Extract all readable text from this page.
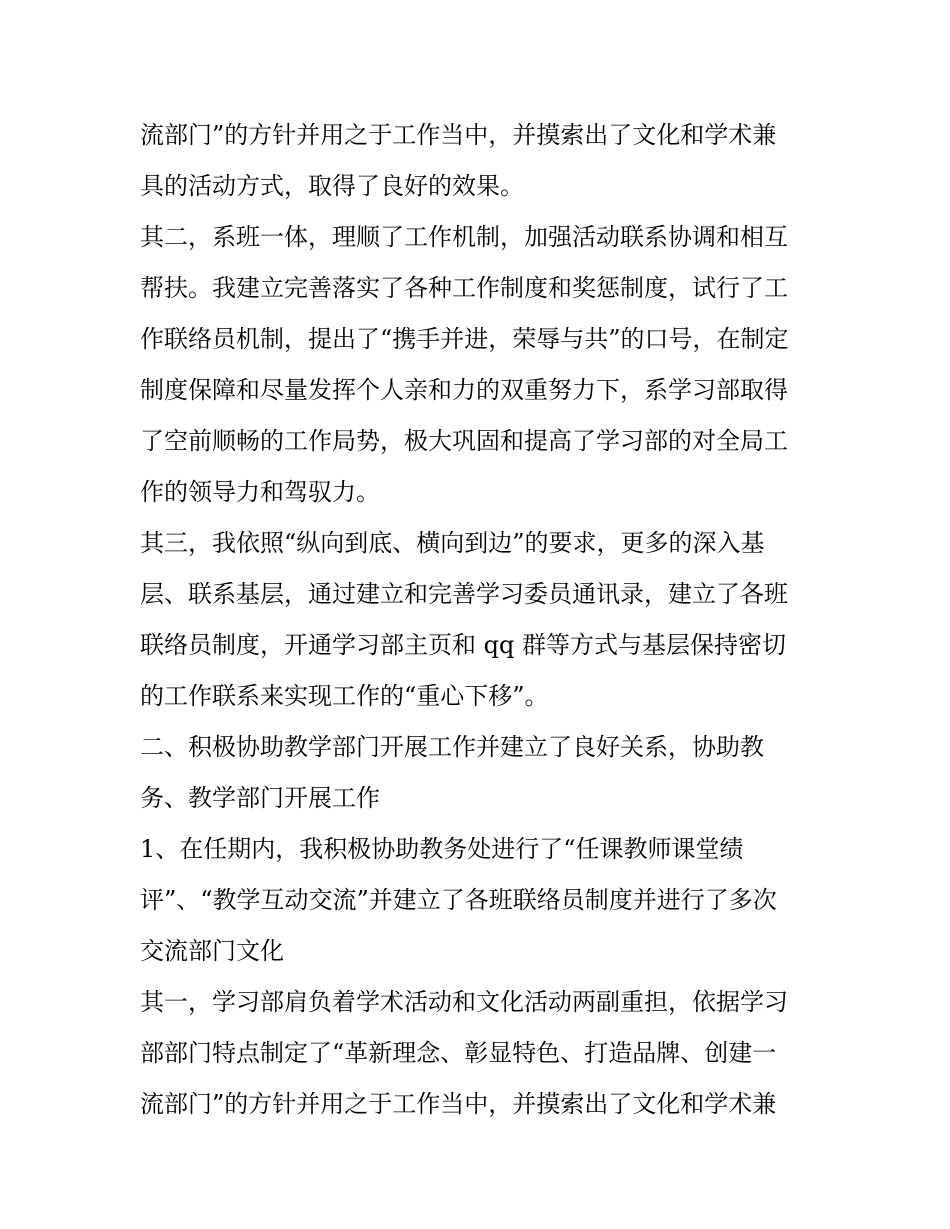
流部门”的方针并用之于工作当中，并摸索出了文化和学术兼
具的活动方式，取得了良好的效果。
其二，系班一体，理顺了工作机制，加强活动联系协调和相互
帮扶。我建立完善落实了各种工作制度和奖惩制度，试行了工
作联络员机制，提出了“携手并进，荣辱与共”的口号，在制定
制度保障和尽量发挥个人亲和力的双重努力下，系学习部取得
了空前顺畅的工作局势，极大巩固和提高了学习部的对全局工
作的领导力和驾驭力。
其三，我依照“纵向到底、横向到边”的要求，更多的深入基
层、联系基层，通过建立和完善学习委员通讯录，建立了各班
联络员制度，开通学习部主页和 qq 群等方式与基层保持密切
的工作联系来实现工作的“重心下移”。
二、积极协助教学部门开展工作并建立了良好关系，协助教
务、教学部门开展工作
1、在任期内，我积极协助教务处进行了“任课教师课堂绩
评”、“教学互动交流”并建立了各班联络员制度并进行了多次
交流部门文化
其一，学习部肩负着学术活动和文化活动两副重担，依据学习
部部门特点制定了“革新理念、彰显特色、打造品牌、创建一
流部门”的方针并用之于工作当中，并摸索出了文化和学术兼
